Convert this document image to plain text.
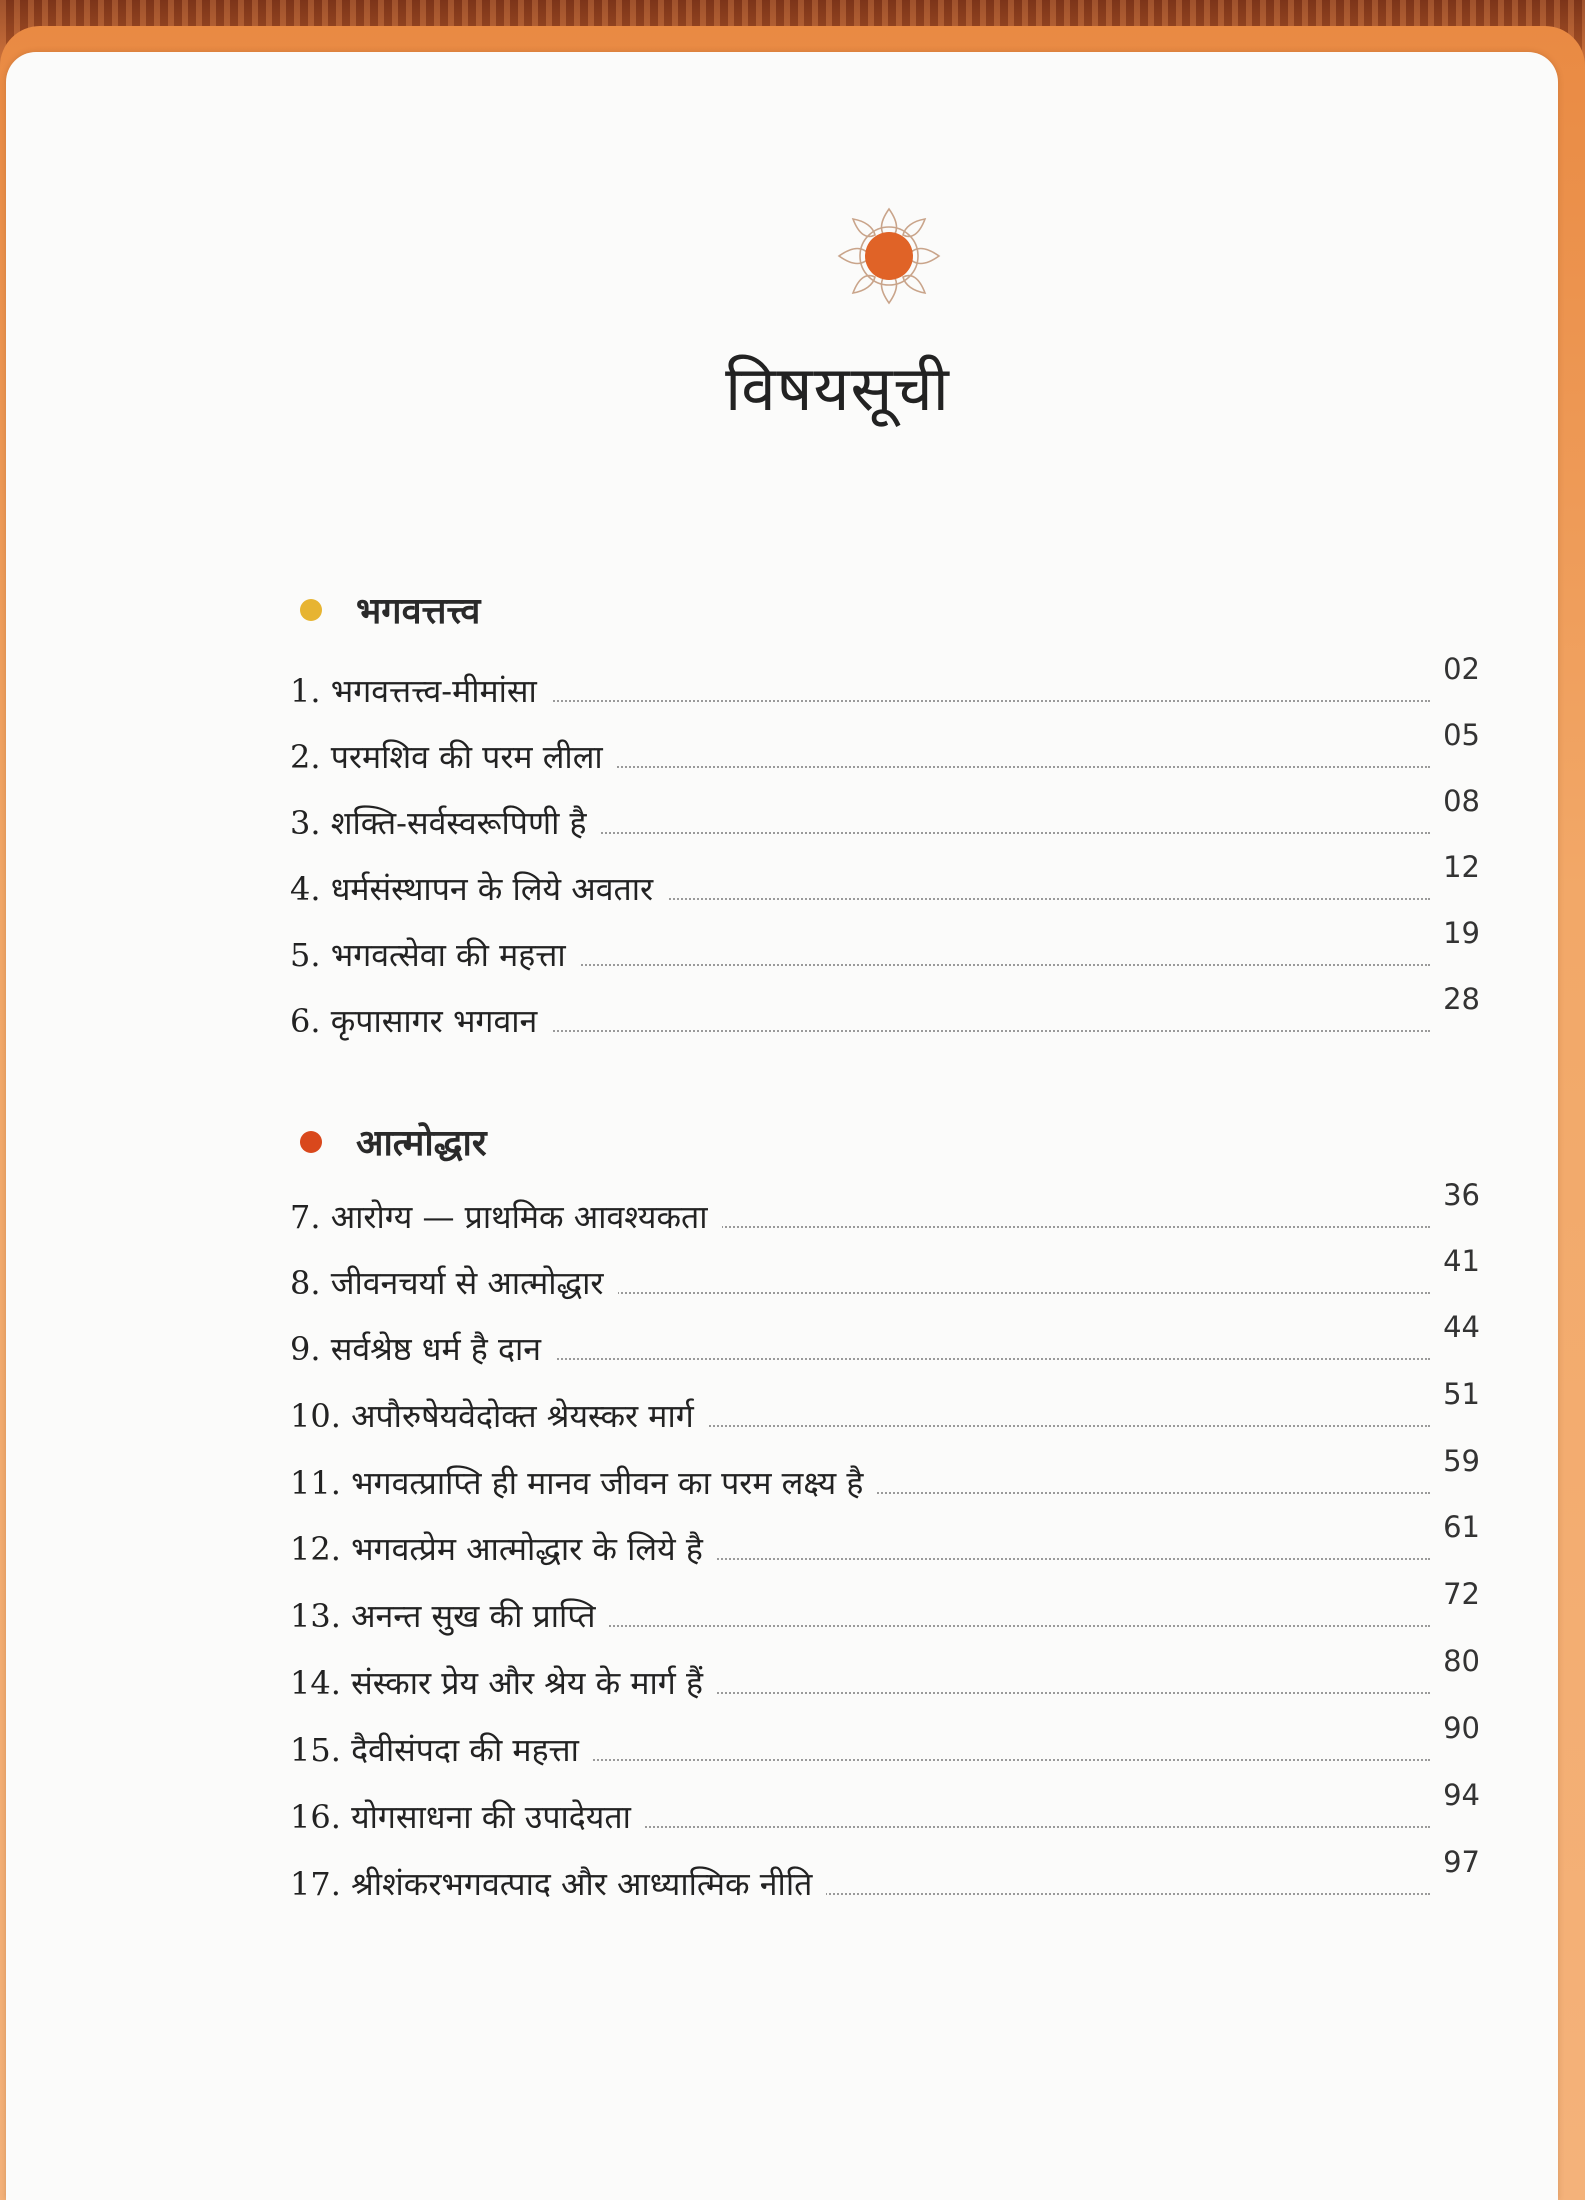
विषयसूची
भगवत्तत्त्व
1. भगवत्तत्त्व-मीमांसा
02
2. परमशिव की परम लीला
05
3. शक्ति-सर्वस्वरूपिणी है
08
4. धर्मसंस्थापन के लिये अवतार
12
5. भगवत्सेवा की महत्ता
19
6. कृपासागर भगवान
28
आत्मोद्धार
7. आरोग्य — प्राथमिक आवश्यकता
36
8. जीवनचर्या से आत्मोद्धार
41
9. सर्वश्रेष्ठ धर्म है दान
44
10. अपौरुषेयवेदोक्त श्रेयस्कर मार्ग
51
11. भगवत्प्राप्ति ही मानव जीवन का परम लक्ष्य है
59
12. भगवत्प्रेम आत्मोद्धार के लिये है
61
13. अनन्त सुख की प्राप्ति
72
14. संस्कार प्रेय और श्रेय के मार्ग हैं
80
15. दैवीसंपदा की महत्ता
90
16. योगसाधना की उपादेयता
94
17. श्रीशंकरभगवत्पाद और आध्यात्मिक नीति
97
